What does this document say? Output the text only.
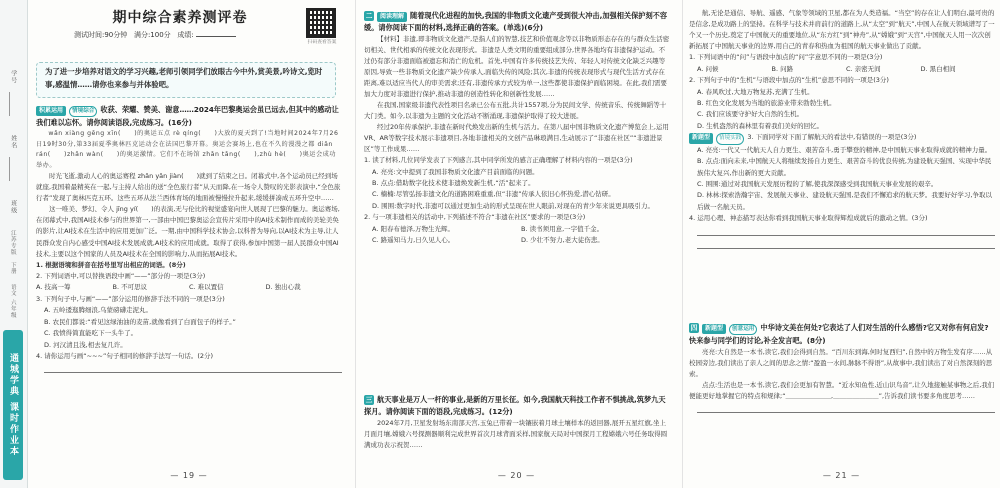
学号
姓名
班级
江苏专版
下册
语文 六年级
通城学典 课时作业本
期中综合素养测评卷
测试时间:90分钟 满分:100分 成绩:
扫码查看答案
为了进一步培养对语文的学习兴趣,老师引领同学们放眼古今中外,赏美景,吟诗文,览时事,感温情……请你也来参与并体验吧。
积累运用 情境综合 收获、荣耀、赞美、谢意……2024年巴黎奥运会虽已远去,但其中的感动让我们难以忘怀。请你阅读语段,完成练习。(16分)
wǎn xiàng gēng xīn(　　)的奥运五点 rè qíng(　　)大放的夏天到了!当地时间2024年7月26日19时30分,第33届夏季奥林匹克运动会在法国巴黎开幕。奥运会赛场上,也在不久的漫漫之都 diǎn rán(　　)zhǎn wàn(　　)的奥运激情。它们不在场馆 zhǎn tǎng(　　),zhù hè(　　)奥运会成功举办。
时光飞逝,激动人心的奥运赛程 zhǎn yǎn jiàn(　　)就到了结束之日。闭幕式中,各个运动员已经到场就座,我国着最精英在一起,与主持人给出的送“全色旅行者”从天而降,在一场令人赞叹的光影表演中,“全色旅行者”发现了奥林匹克五环。这些五环从法兰西体育场的地面被慢慢拉升起来,缓缓拼凑成五环升空中……
这一唯美、梦幻、令人 jīng yí(　　)的表演,无与伦比的视觉盛宴向世人展现了巴黎的魅力。奥运赛场,在闭幕式中,我国AI技术参与的世界第一,一部由中国巴黎奥运会宣传片采用中的AI技术制作而成的美轮美奂的影片,让AI技术在生活中的应用更加广泛。一期,由中国科学技术协会,以科普为导向,以AI技术为主导,让人民群众发自内心感受中国AI技术发展成就,AI技术的应用成就。取得了获得,参加中国第一届人民群众中国AI技术,主要以这个国家的人员及AI技术在全国的影响力,从而拓展AI技术。
1. 根据语境和拼音在括号里写出相应的词语。(8分)
2. 下列词语中,可以替换语段中画“——”部分的一项是(3分)
A. 技高一筹	B. 不可思议	C. 难以置信	D. 独出心裁
3. 下列句子中,与画“——”部分运用的修辞手法不同的一项是(3分)
A. 五岭逶迤腾细浪,乌蒙磅礴走泥丸。
B. 农民们都说:“看见这绿油油的麦苗,就像看到了白面包子的样子。”
C. 我愤得简直能吃下一头牛了。
D. 河汉清且浅,相去复几许。
4. 请你运用与画“~~~”句子相同的修辞手法写一句话。(2分)
— 19 —
二 阅读理解 随着现代化进程的加快,我国的非物质文化遗产受到很大冲击,加强相关保护刻不容缓。请你阅读下面的材料,选择正确的答案。(单选)(6分)
【材料】非遗,即非物质文化遗产,是指人们的智慧,技艺和价值观念等以非物质形态存在的与群众生活密切相关、世代相承的传统文化表现形式。非遗是人类文明的重要组成部分,世界各地均有非遗保护运动。不过仍有部分非遗面临被遗忘和消亡的危机。首先,中国有许多传统技艺失传、年轻人对传统文化缺乏兴趣等原因,导致一些非物质文化遗产缺少传承人,面临失传的风险;其次,非遗的传统表现形式与现代生活方式存在距离,难以适应当代人的审美需求;还有,非遗传承方式较为单一,这些都使非遗保护面临困境。在此,我们需要加大力度对非遗进行保护,推动非遗的创造性转化和创新性发展……
在我国,国家级非遗代表性项目名录已公布五批,共计1557项,分为民间文学、传统音乐、传统舞蹈等十大门类。如今,以非遗为主题的文化活动不断涌现,非遗保护取得了较大进展。
经过20年传承保护,非遗在新时代焕发出新的生机与活力。在第八届中国非物质文化遗产博览会上,运用VR、AR等数字技术展示非遗项目,各地非遗相关的文创产品琳琅满目,生动展示了“非遗在社区”“非遗进景区”等工作成果……
1. 读了材料,几位同学发表了下列感言,其中同学所发的感言正确理解了材料内容的一项是(3分)
A. 亮亮:文中提到了我国非物质文化遗产目前面临的问题。
B. 点点:借助数字化技术使非遗焕发新生机,“活”起来了。
C. 楠楠:尽管弘扬非遗文化的道路困难重重,但“非遗”传承人依旧心怀热爱,潜心钻研。
D. 围围:数字时代,非遗可以通过更加生动的形式呈现在世人眼前,对现在的青少年来说更具吸引力。
2. 与一项非遗相关的活动中,下列描述不符合“非遗在社区”要求的一项是(3分)
A. 阳春布德泽,万物生光辉。	B. 读书须用意,一字值千金。
C. 路遥知马力,日久见人心。	D. 少壮不努力,老大徒伤悲。
三 航天事业是万人一杆的事业,是新的万里长征。如今,我国航天科技工作者不惧挑战,筑梦九天探月。请你阅读下面的语段,完成练习。(12分)
2024年7月,卫星发射场东南部天宫,玉兔已带着一块镶嵌着月球土壤样本的返回器,展开五星红旗,坐上月面月壤,嫦娥六号探测器顺利完成世界首次月球背面采样,国家航天局对中国探月工程嫦娥六号任务取得圆满成功表示祝贺……
— 20 —
航,无论是通信、导航、遥感、气象等领域的卫星,都在为人类造福。“当空”的存在让人们明白,最可贵的是信念,是成功路上的坚持。在科学与技术并肩前行的道路上,从“太空”到“航天”,中国人在航天领域谱写了一个又一个历史,奠定了中国航天的重要地位,从“东方红”到“神舟”,从“嫦娥”到“天宫”,中国航天人用一次次创新拓展了中国航天事业的边界,用自己的青春和热血为祖国的航天事业做出了贡献。
1. 下列词语中的“问”与语段中加点的“问”字意思不同的一项是(3分)
A. 问候	B. 问路	C. 亲密无间	D. 黑白相间
2. 下列句子中的“生机”与语段中加点的“生机”意思不同的一项是(3分)
A. 春风吹过,大地万物复苏,充满了生机。
B. 红色文化发展为当地的旅游业带来勃勃生机。
C. 我们应该要守护好大自然的生机。
D. 生机盎然的森林里有着我们美好的回忆。
新题型 情境实践 3. 下面同学对下面了解航天的看法中,有错误的一项是(3分)
A. 亮亮:一代又一代航天人自力更生、艰苦奋斗,勇于攀登的精神,是中国航天事业取得成就的精神力量。
B. 点点:面向未来,中国航天人将继续发扬自力更生、艰苦奋斗的优良传统,为建设航天强国、实现中华民族伟大复兴,作出新的更大贡献。
C. 围围:通过对我国航天发展历程的了解,使我深深感受到我国航天事业发展的艰辛。
D. 林林:探索浩瀚宇宙、发展航天事业、建设航天强国,是我们不懈追求的航天梦。我要好好学习,争取以后做一名航天员。
4. 运用心理、神态描写表达你看到我国航天事业取得辉煌成就后的激动之情。(3分)
四 新题型 创意运用 中华诗文美在何处?它表达了人们对生活的什么感悟?它又对你有何启发?快来参与同学们的讨论,补全发言吧。(8分)
亮亮:大自然是一本书,读它,我们会得到自然。“百川东到海,何时复西归”,自然中的万物生发有序……从校园旁边,我们读出了亲人之间的思念之情:“盈盈一水间,脉脉不得语”,从故事中,我们读出了对自然深刻的思索。
点点:生活也是一本书,读它,我们会更加有智慧。“近水知鱼性,近山识鸟音”,让久地接触某事物之后,我们便能更好地掌握它的特点和规律;“＿＿＿＿＿＿＿,＿＿＿＿＿＿＿”,告诉我们读书要多角度思考……
— 21 —
